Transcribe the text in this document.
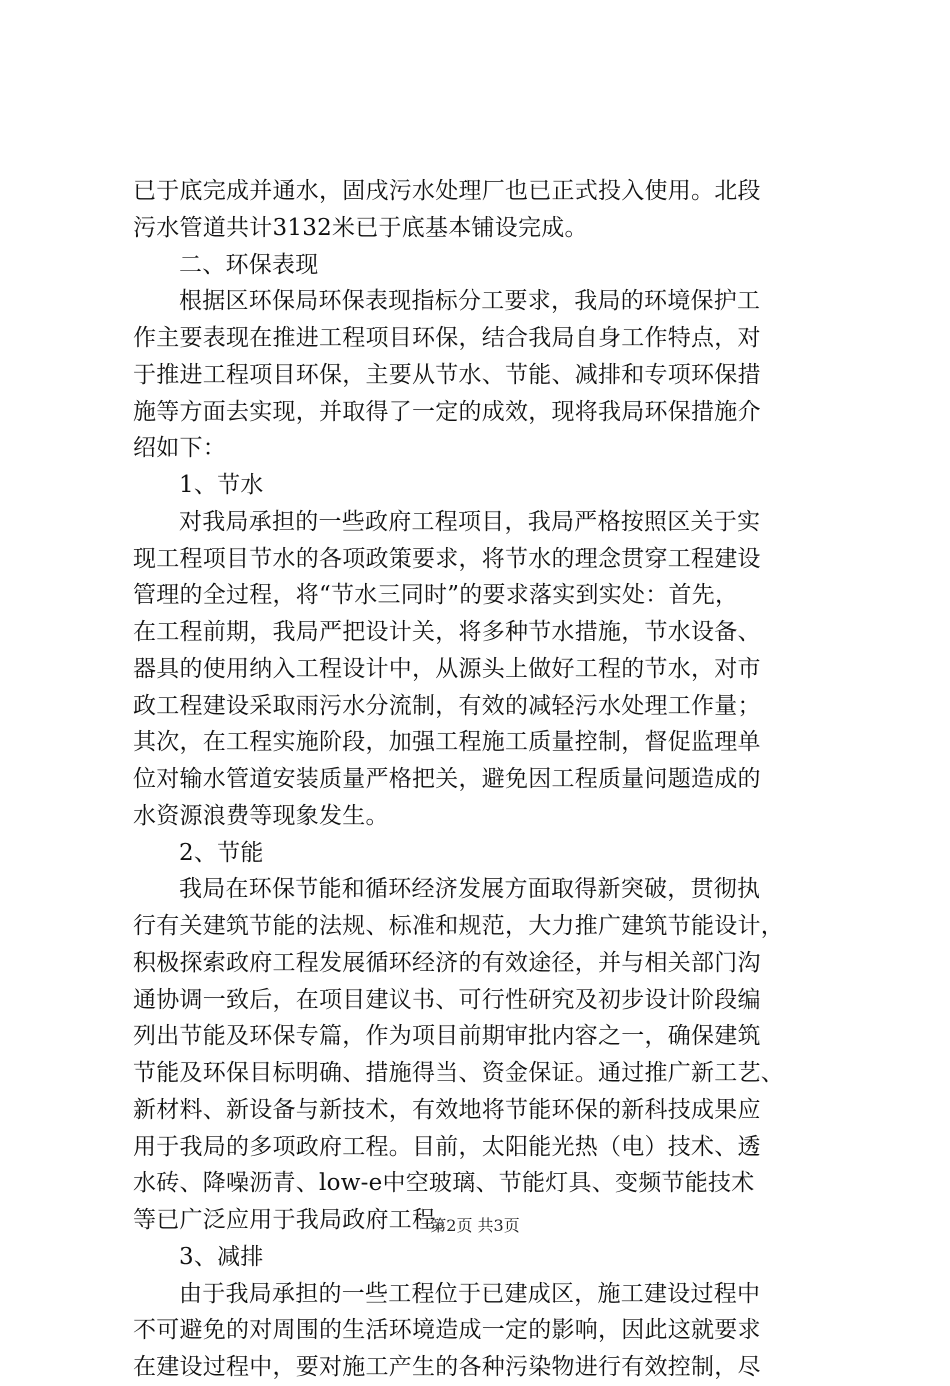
已于底完成并通水，固戌污水处理厂也已正式投入使用。北段
污水管道共计3132米已于底基本铺设完成。
二、环保表现
根据区环保局环保表现指标分工要求，我局的环境保护工
作主要表现在推进工程项目环保，结合我局自身工作特点，对
于推进工程项目环保，主要从节水、节能、减排和专项环保措
施等方面去实现，并取得了一定的成效，现将我局环保措施介
绍如下：
1、节水
对我局承担的一些政府工程项目，我局严格按照区关于实
现工程项目节水的各项政策要求，将节水的理念贯穿工程建设
管理的全过程，将“节水三同时”的要求落实到实处：首先，
在工程前期，我局严把设计关，将多种节水措施，节水设备、
器具的使用纳入工程设计中，从源头上做好工程的节水，对市
政工程建设采取雨污水分流制，有效的减轻污水处理工作量；
其次，在工程实施阶段，加强工程施工质量控制，督促监理单
位对输水管道安装质量严格把关，避免因工程质量问题造成的
水资源浪费等现象发生。
2、节能
我局在环保节能和循环经济发展方面取得新突破，贯彻执
行有关建筑节能的法规、标准和规范，大力推广建筑节能设计，
积极探索政府工程发展循环经济的有效途径，并与相关部门沟
通协调一致后，在项目建议书、可行性研究及初步设计阶段编
列出节能及环保专篇，作为项目前期审批内容之一，确保建筑
节能及环保目标明确、措施得当、资金保证。通过推广新工艺、
新材料、新设备与新技术，有效地将节能环保的新科技成果应
用于我局的多项政府工程。目前，太阳能光热（电）技术、透
水砖、降噪沥青、low-e中空玻璃、节能灯具、变频节能技术
等已广泛应用于我局政府工程。
3、减排
由于我局承担的一些工程位于已建成区，施工建设过程中
不可避免的对周围的生活环境造成一定的影响，因此这就要求
在建设过程中，要对施工产生的各种污染物进行有效控制，尽
第2页 共3页
